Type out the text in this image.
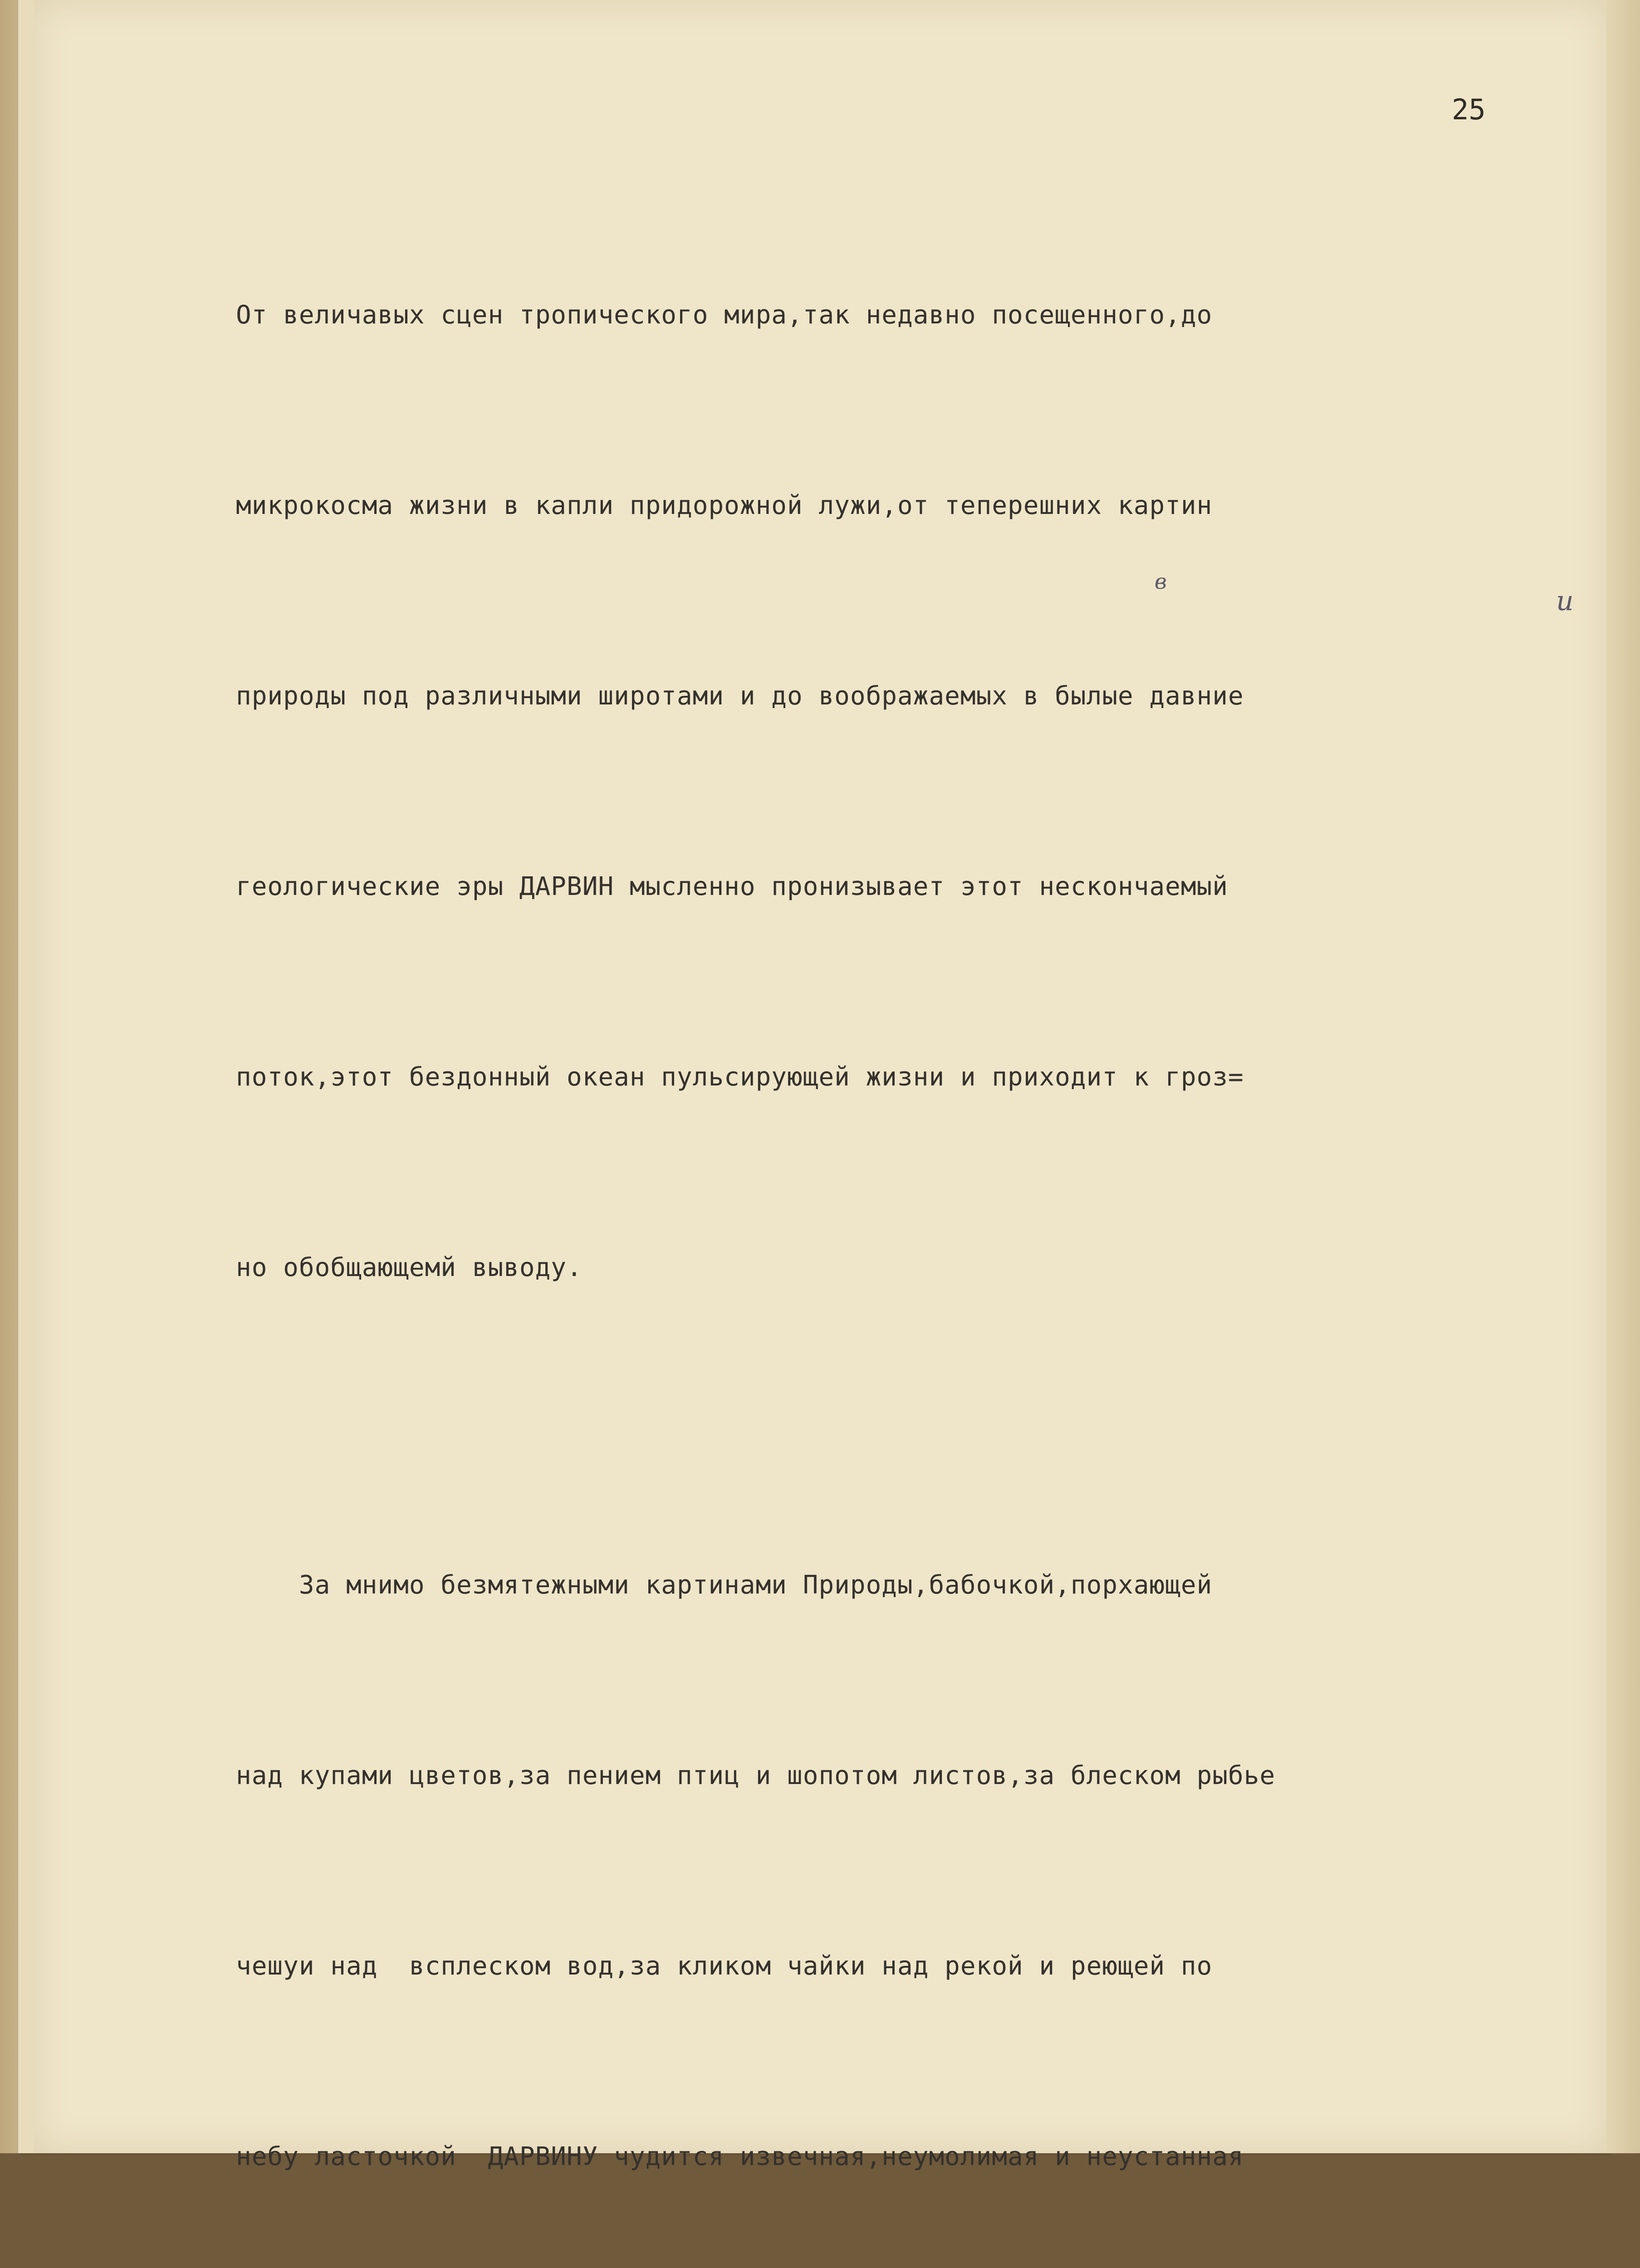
25

От величавых сцен тропического мира,так недавно посещенного,до

микрокосма жизни в капли придорожной лужи,от теперешних картин

природы под различными широтами и до воображаемых в былые давние

геологические эры ДАРВИН мысленно пронизывает этот нескончаемый

поток,этот бездонный океан пульсирующей жизни и приходит к гроз=

но обобщающемй выводу.

За мнимо безмятежными картинами Природы,бабочкой,порхающей

над купами цветов,за пением птиц и шопотом листов,за блеском рыбье

чешуи над  всплеском вод,за кликом чайки над рекой и реющей по

небу ласточкой  ДАРВИНУ чудится извечная,неумолимая и неустанная

и
в
